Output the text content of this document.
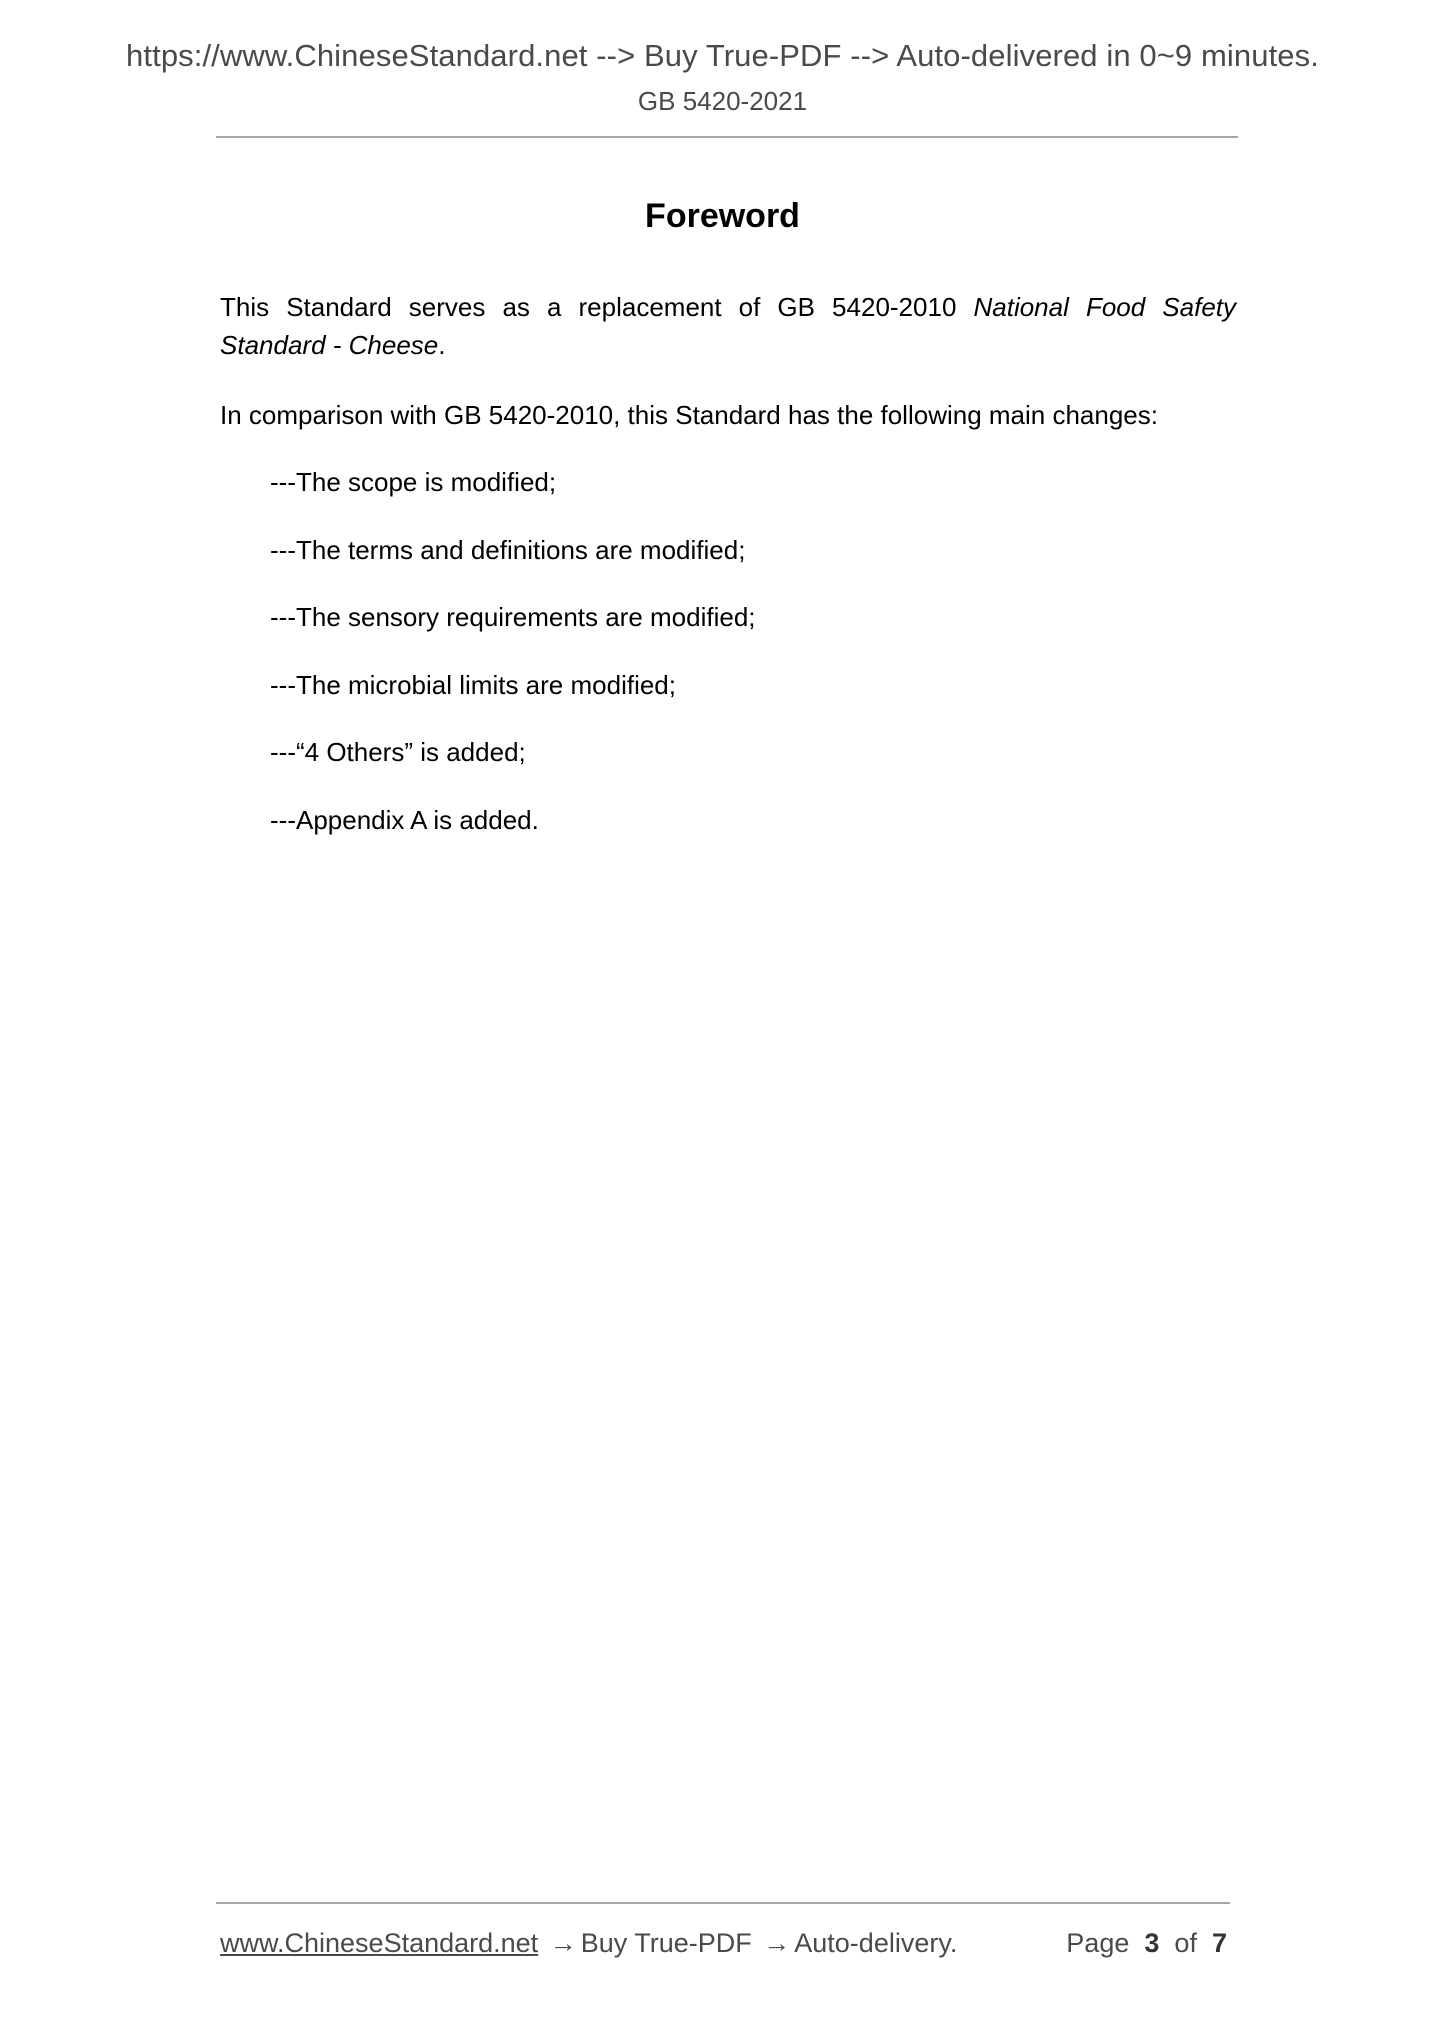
https://www.ChineseStandard.net --> Buy True-PDF --> Auto-delivered in 0~9 minutes.
GB 5420-2021
Foreword

This Standard serves as a replacement of GB 5420-2010 National Food Safety Standard - Cheese.

In comparison with GB 5420-2010, this Standard has the following main changes:

---The scope is modified;
---The terms and definitions are modified;
---The sensory requirements are modified;
---The microbial limits are modified;
---“4 Others” is added;
---Appendix A is added.
www.ChineseStandard.net → Buy True-PDF → Auto-delivery.	Page 3 of 7
